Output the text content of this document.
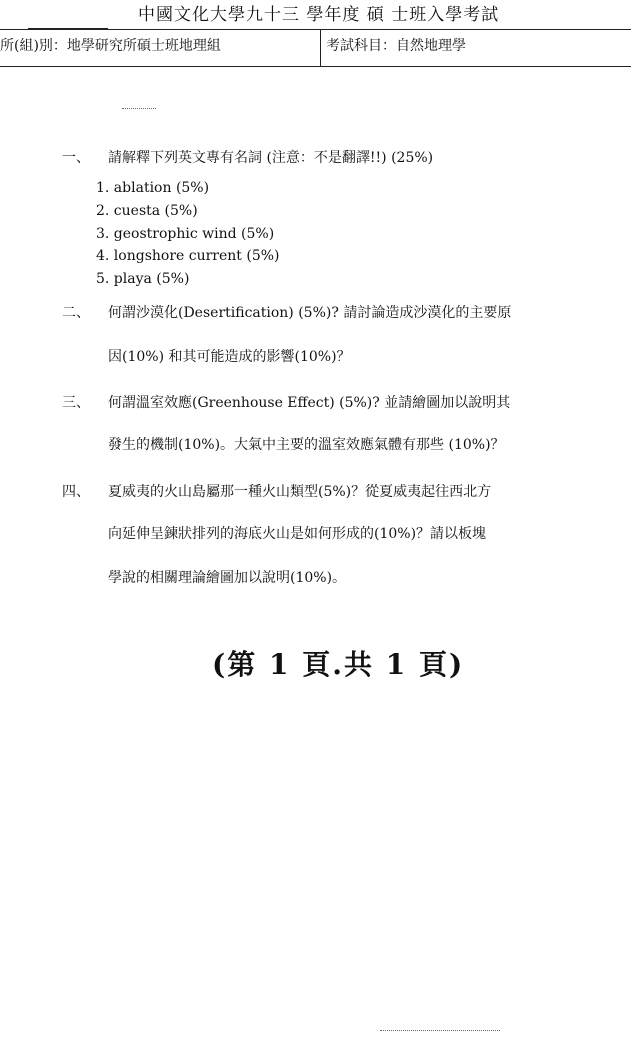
中國文化大學九十三 學年度 碩 士班入學考試
所(組)別：地學研究所碩士班地理組	考試科目：自然地理學
一、 請解釋下列英文專有名詞 (注意：不是翻譯!!) (25%)
1. ablation (5%)
2. cuesta (5%)
3. geostrophic wind (5%)
4. longshore current (5%)
5. playa (5%)
二、 何謂沙漠化(Desertification) (5%)? 請討論造成沙漠化的主要原
因(10%) 和其可能造成的影響(10%)？
三、 何謂溫室效應(Greenhouse Effect) (5%)? 並請繪圖加以說明其
發生的機制(10%)。大氣中主要的溫室效應氣體有那些 (10%)？
四、 夏威夷的火山島屬那一種火山類型(5%)？從夏威夷起往西北方
向延伸呈鍊狀排列的海底火山是如何形成的(10%)？請以板塊
學說的相關理論繪圖加以說明(10%)。
(第 1 頁.共 1 頁)
